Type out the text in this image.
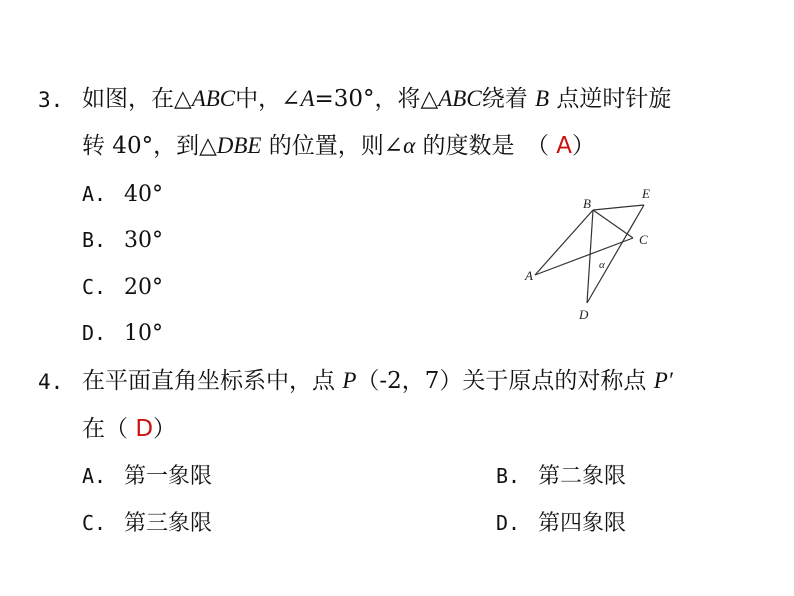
3. 如图，在△ABC中，∠A=30°，将△ABC绕着 B 点逆时针旋
转 40°，到△DBE 的位置，则∠α 的度数是　（ A）
A. 40°
B. 30°
C. 20°
D. 10°
B
E
C
A
D
α
4. 在平面直角坐标系中，点 P（-2，7）关于原点的对称点 P′
在（ D）
A. 第一象限	B. 第二象限
C. 第三象限	D. 第四象限
